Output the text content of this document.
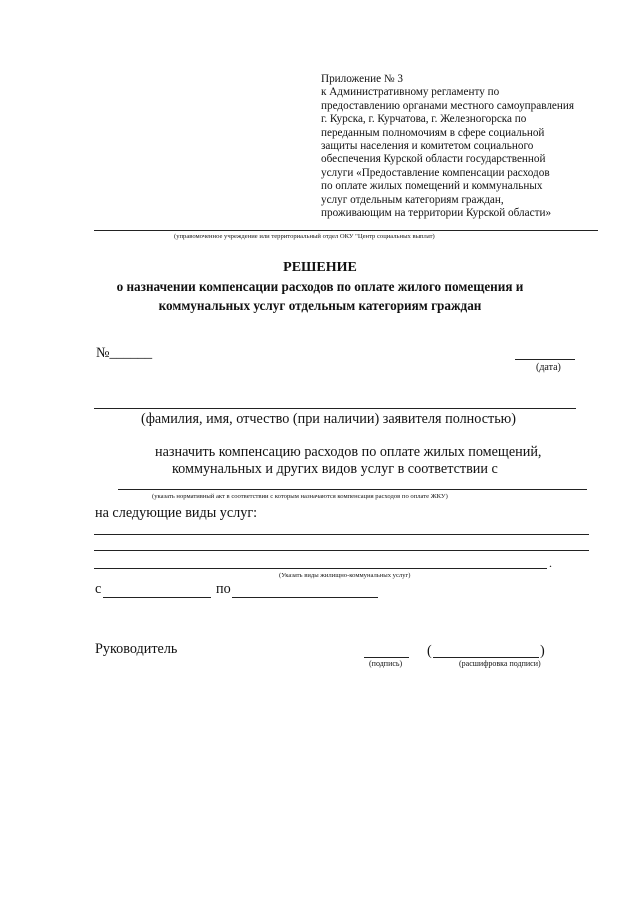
Приложение № 3
к Административному регламенту по
предоставлению органами местного самоуправления
г. Курска, г. Курчатова, г. Железногорска по
переданным полномочиям в сфере социальной
защиты населения и комитетом социального
обеспечения Курской области государственной
услуги «Предоставление компенсации расходов
по оплате жилых помещений и коммунальных
услуг отдельным категориям граждан,
проживающим на территории Курской области»
(управомоченное учреждение или территориальный отдел ОКУ "Центр социальных выплат)
РЕШЕНИЕ
о назначении компенсации расходов по оплате жилого помещения и
коммунальных услуг отдельным категориям граждан
№______
(дата)
(фамилия, имя, отчество (при наличии) заявителя полностью)
назначить компенсацию расходов по оплате жилых помещений,
коммунальных и других видов услуг в соответствии с
(указать нормативный акт в соответствии с которым назначаются компенсация расходов по оплате ЖКУ)
на следующие виды услуг:
.
(Указать виды жилищно-коммунальных услуг)
с	по
Руководитель
(подпись)
(	)
(расшифровка подписи)
